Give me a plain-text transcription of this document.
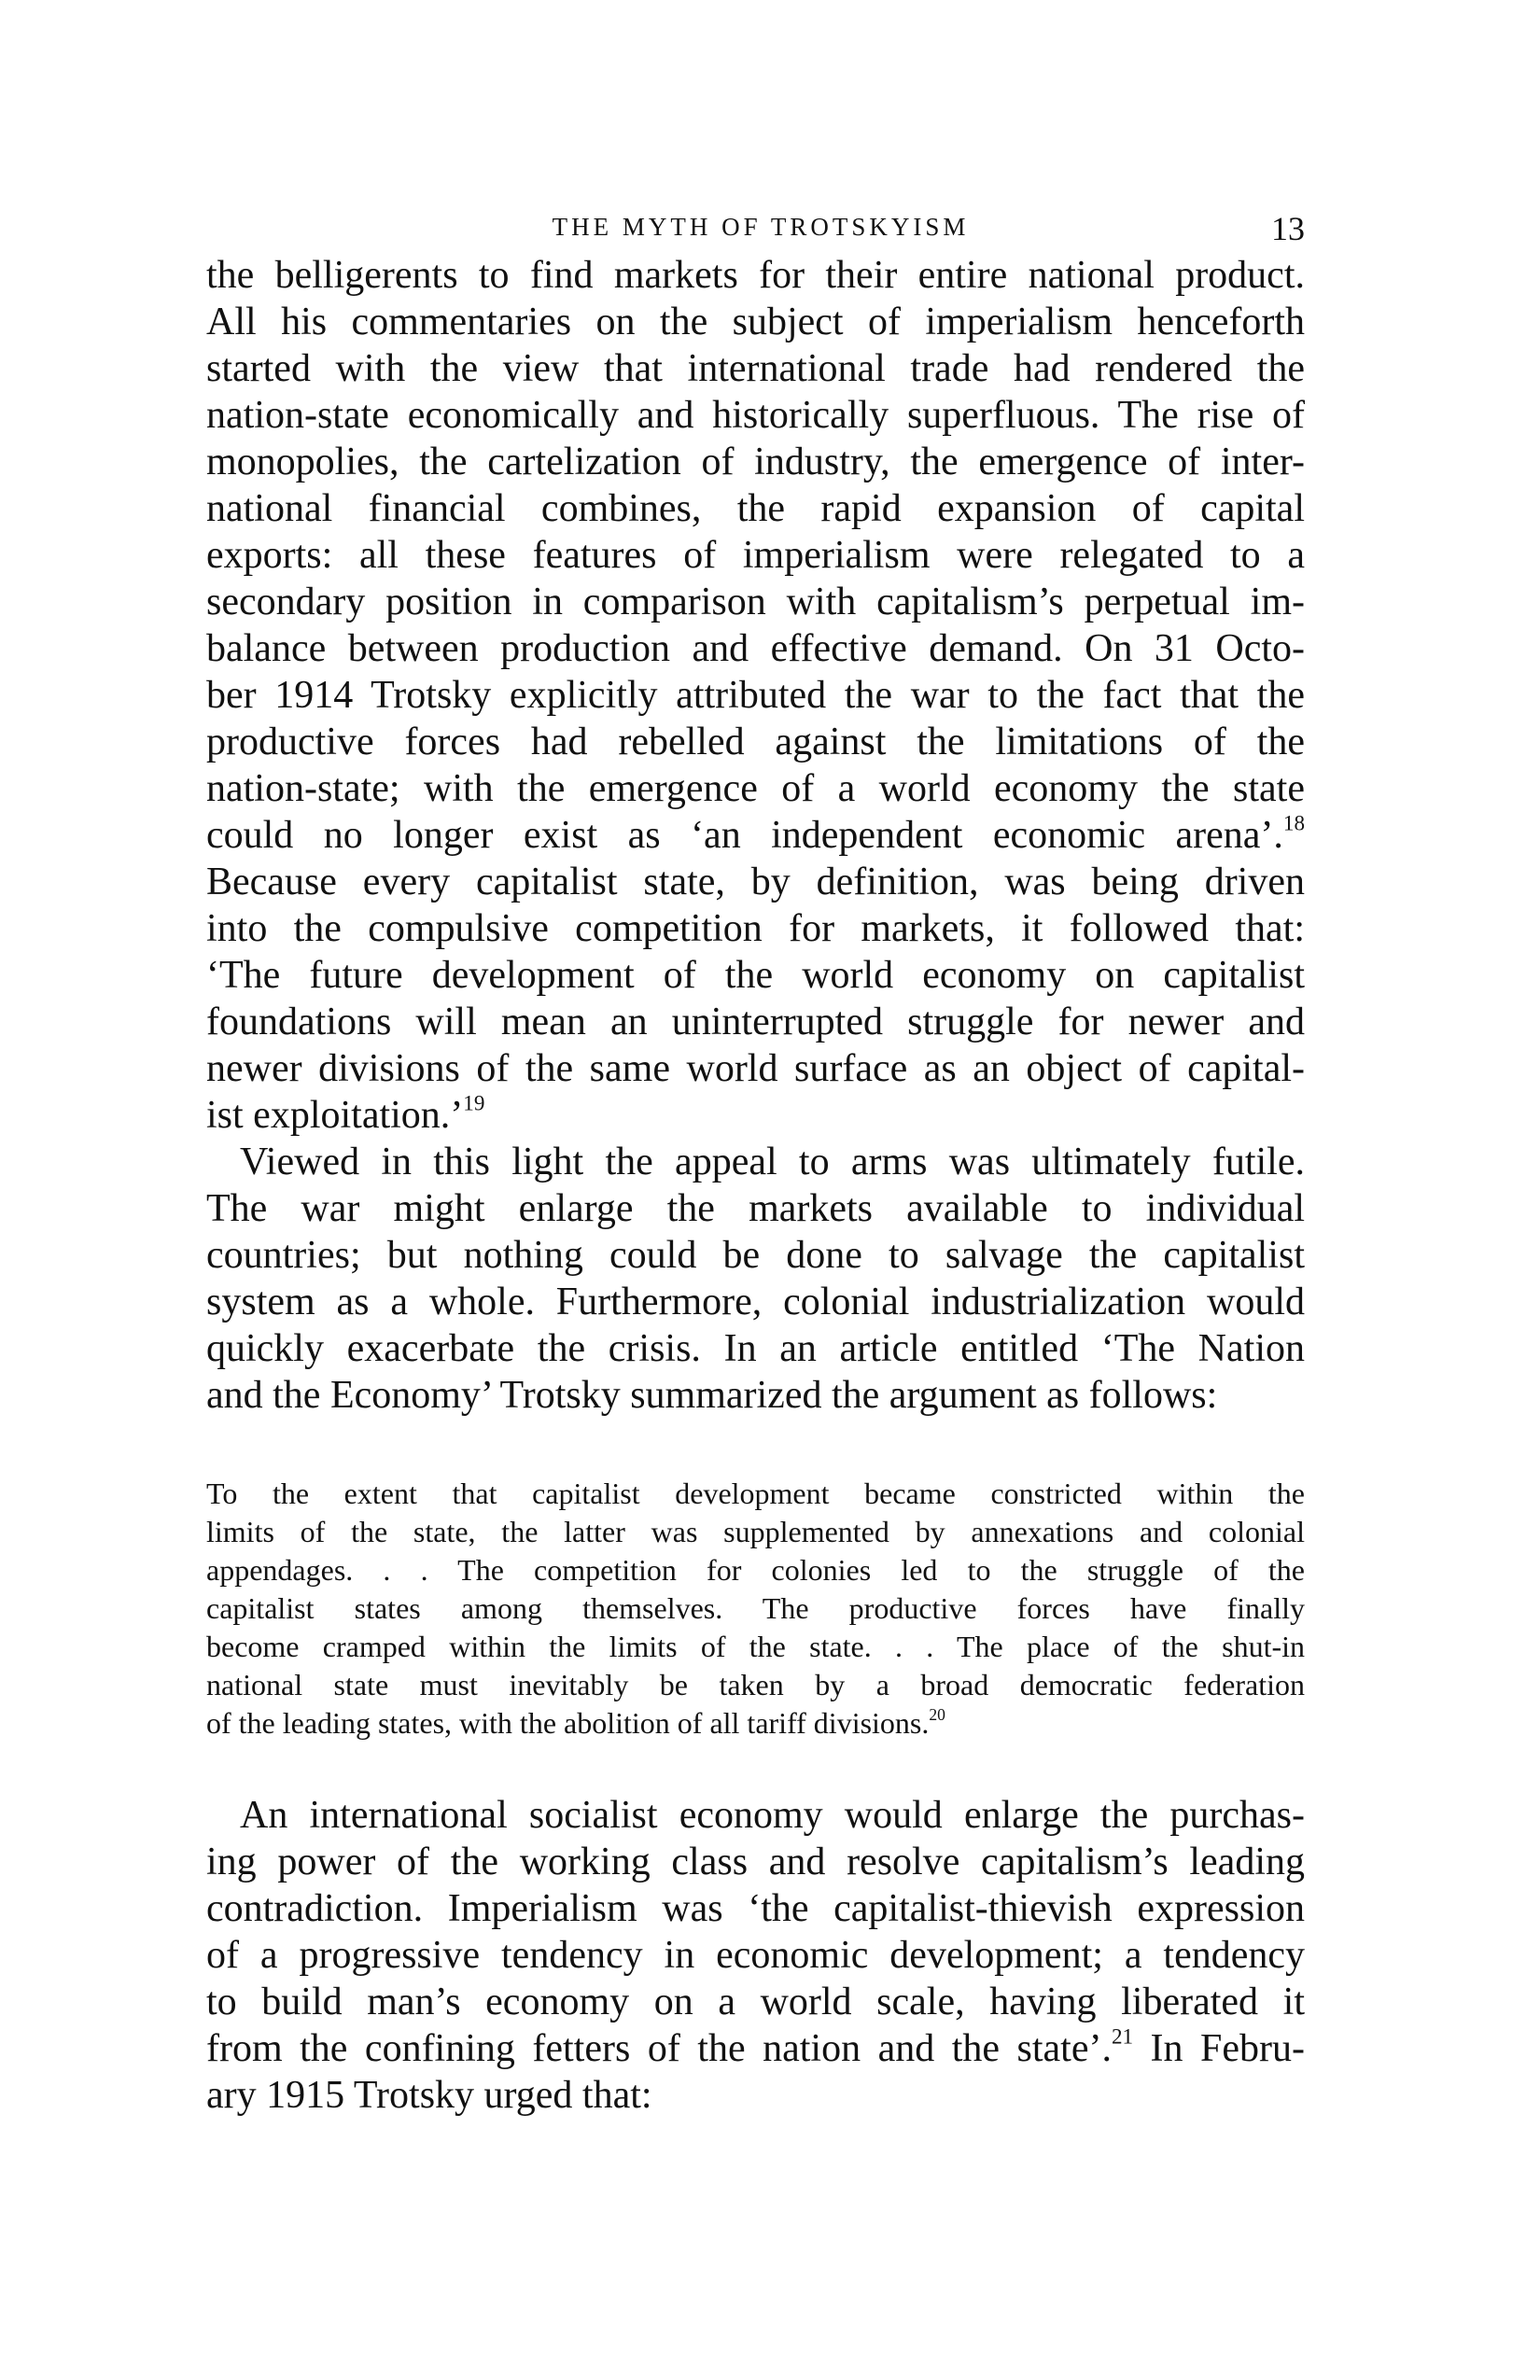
THE MYTH OF TROTSKYISM	13
the belligerents to find markets for their entire national product.
All his commentaries on the subject of imperialism henceforth
started with the view that international trade had rendered the
nation-state economically and historically superfluous. The rise of
monopolies, the cartelization of industry, the emergence of inter-
national financial combines, the rapid expansion of capital
exports: all these features of imperialism were relegated to a
secondary position in comparison with capitalism’s perpetual im-
balance between production and effective demand. On 31 Octo-
ber 1914 Trotsky explicitly attributed the war to the fact that the
productive forces had rebelled against the limitations of the
nation-state; with the emergence of a world economy the state
could no longer exist as ‘an independent economic arena’.$^{18}$
Because every capitalist state, by definition, was being driven
into the compulsive competition for markets, it followed that:
‘The future development of the world economy on capitalist
foundations will mean an uninterrupted struggle for newer and
newer divisions of the same world surface as an object of capital-
ist exploitation.’$^{19}$
Viewed in this light the appeal to arms was ultimately futile.
The war might enlarge the markets available to individual
countries; but nothing could be done to salvage the capitalist
system as a whole. Furthermore, colonial industrialization would
quickly exacerbate the crisis. In an article entitled ‘The Nation
and the Economy’ Trotsky summarized the argument as follows:
To the extent that capitalist development became constricted within the
limits of the state, the latter was supplemented by annexations and colonial
appendages. . . The competition for colonies led to the struggle of the
capitalist states among themselves. The productive forces have finally
become cramped within the limits of the state. . . The place of the shut-in
national state must inevitably be taken by a broad democratic federation
of the leading states, with the abolition of all tariff divisions.$^{20}$
An international socialist economy would enlarge the purchas-
ing power of the working class and resolve capitalism’s leading
contradiction. Imperialism was ‘the capitalist-thievish expression
of a progressive tendency in economic development; a tendency
to build man’s economy on a world scale, having liberated it
from the confining fetters of the nation and the state’.$^{21}$ In Febru-
ary 1915 Trotsky urged that:
